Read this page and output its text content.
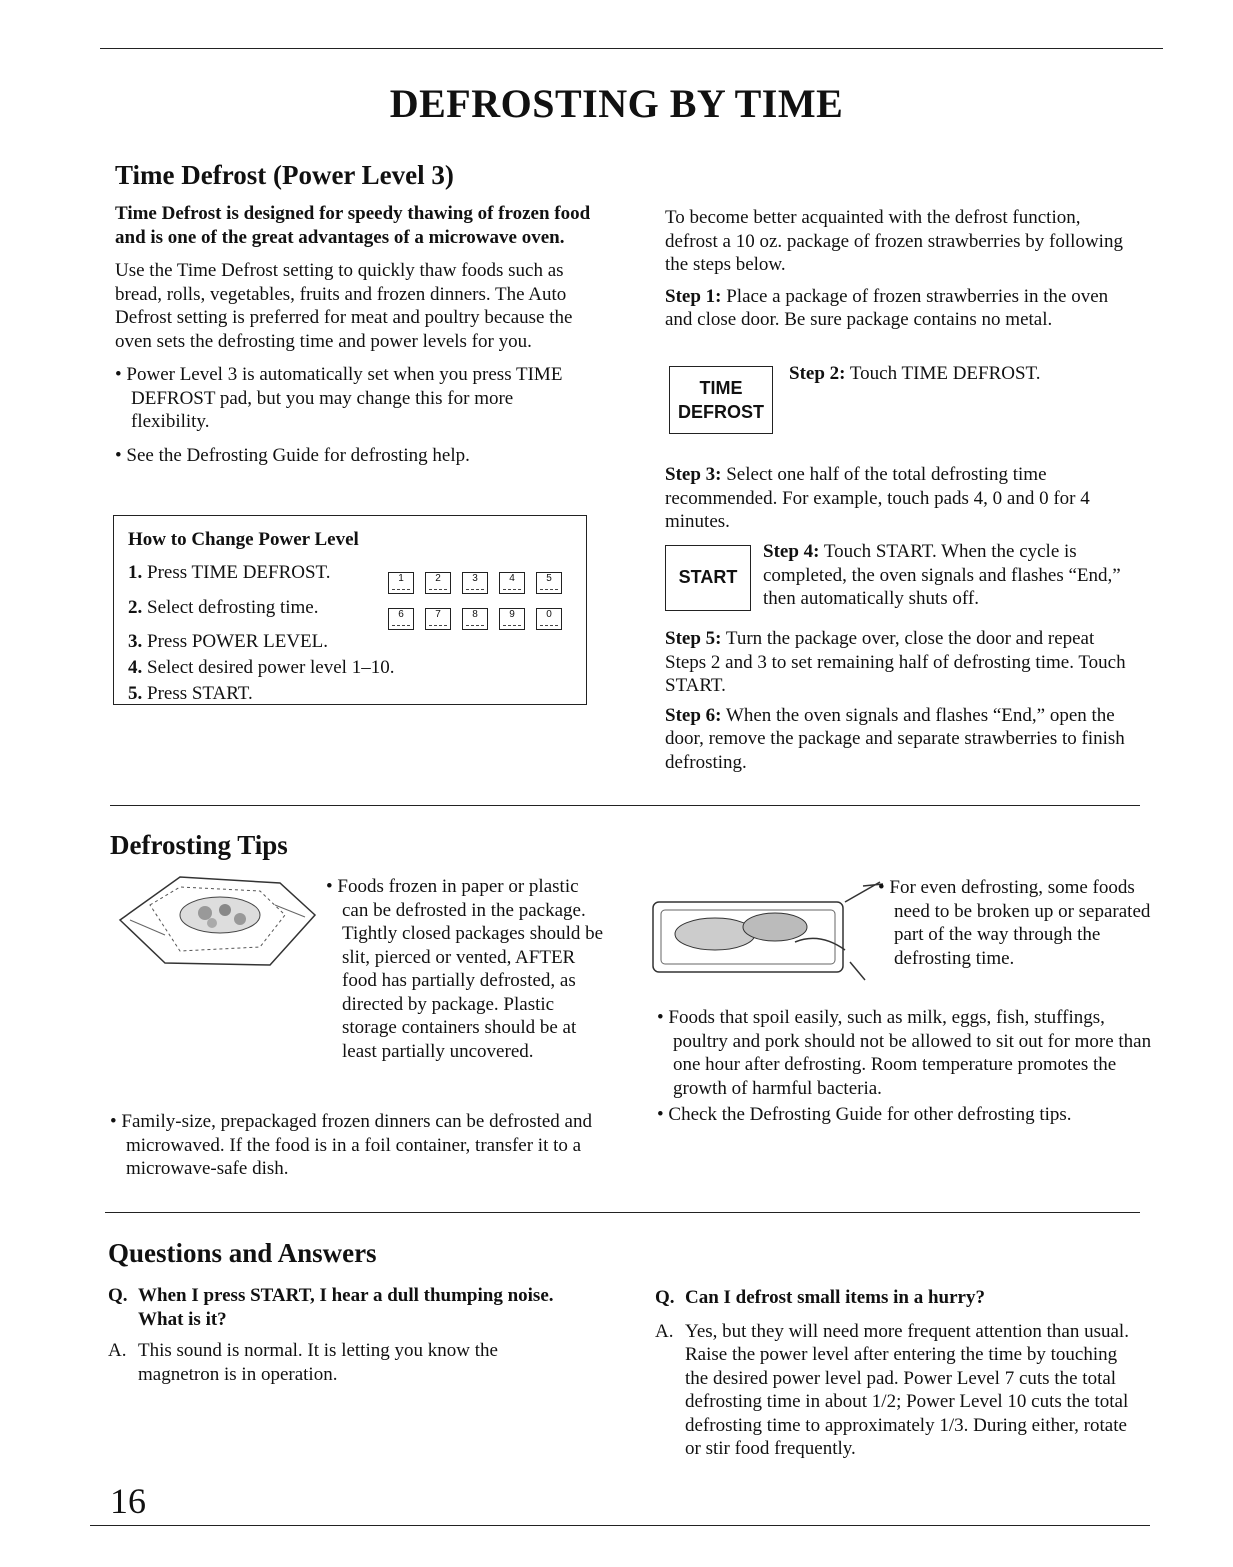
DEFROSTING BY TIME
Time Defrost (Power Level 3)

Time Defrost is designed for speedy thawing of frozen food and is one of the great advantages of a microwave oven.

Use the Time Defrost setting to quickly thaw foods such as bread, rolls, vegetables, fruits and frozen dinners. The Auto Defrost setting is preferred for meat and poultry because the oven sets the defrosting time and power levels for you.

• Power Level 3 is automatically set when you press TIME DEFROST pad, but you may change this for more flexibility.

• See the Defrosting Guide for defrosting help.

How to Change Power Level
1. Press TIME DEFROST.
2. Select defrosting time.
3. Press POWER LEVEL.
4. Select desired power level 1–10.
5. Press START.
1	2	3	4	5
6	7	8	9	0

To become better acquainted with the defrost function, defrost a 10 oz. package of frozen strawberries by following the steps below.

Step 1: Place a package of frozen strawberries in the oven and close door. Be sure package contains no metal.

TIME
DEFROST

Step 2: Touch TIME DEFROST.

Step 3: Select one half of the total defrosting time recommended. For example, touch pads 4, 0 and 0 for 4 minutes.

START

Step 4: Touch START. When the cycle is completed, the oven signals and flashes “End,” then automatically shuts off.

Step 5: Turn the package over, close the door and repeat Steps 2 and 3 to set remaining half of defrosting time. Touch START.

Step 6: When the oven signals and flashes “End,” open the door, remove the package and separate strawberries to finish defrosting.

Defrosting Tips

• Foods frozen in paper or plastic can be defrosted in the package. Tightly closed packages should be slit, pierced or vented, AFTER food has partially defrosted, as directed by package. Plastic storage containers should be at least partially uncovered.

• Family-size, prepackaged frozen dinners can be defrosted and microwaved. If the food is in a foil container, transfer it to a microwave-safe dish.

• For even defrosting, some foods need to be broken up or separated part of the way through the defrosting time.

• Foods that spoil easily, such as milk, eggs, fish, stuffings, poultry and pork should not be allowed to sit out for more than one hour after defrosting. Room temperature promotes the growth of harmful bacteria.

• Check the Defrosting Guide for other defrosting tips.

Questions and Answers
Q. When I press START, I hear a dull thumping noise. What is it?
A. This sound is normal. It is letting you know the magnetron is in operation.
Q. Can I defrost small items in a hurry?
A. Yes, but they will need more frequent attention than usual. Raise the power level after entering the time by touching the desired power level pad. Power Level 7 cuts the total defrosting time in about 1/2; Power Level 10 cuts the total defrosting time to approximately 1/3. During either, rotate or stir food frequently.
16
